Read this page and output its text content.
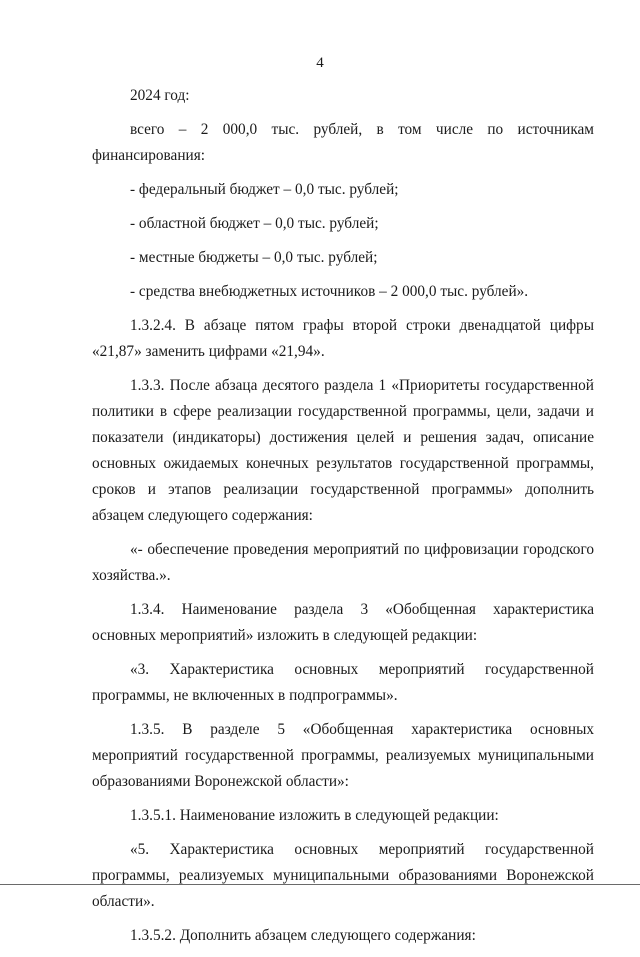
4

2024 год:

всего – 2 000,0 тыс. рублей, в том числе по источникам финансирования:

- федеральный бюджет – 0,0 тыс. рублей;

- областной бюджет – 0,0 тыс. рублей;

- местные бюджеты – 0,0 тыс. рублей;

- средства внебюджетных источников – 2 000,0 тыс. рублей».

1.3.2.4. В абзаце пятом графы второй строки двенадцатой цифры «21,87» заменить цифрами «21,94».

1.3.3. После абзаца десятого раздела 1 «Приоритеты государственной политики в сфере реализации государственной программы, цели, задачи и показатели (индикаторы) достижения целей и решения задач, описание основных ожидаемых конечных результатов государственной программы, сроков и этапов реализации государственной программы» дополнить абзацем следующего содержания:

«- обеспечение проведения мероприятий по цифровизации городского хозяйства.».

1.3.4. Наименование раздела 3 «Обобщенная характеристика основных мероприятий» изложить в следующей редакции:

«3. Характеристика основных мероприятий государственной программы, не включенных в подпрограммы».

1.3.5. В разделе 5 «Обобщенная характеристика основных мероприятий государственной программы, реализуемых муниципальными образованиями Воронежской области»:

1.3.5.1. Наименование изложить в следующей редакции:

«5. Характеристика основных мероприятий государственной программы, реализуемых муниципальными образованиями Воронежской области».

1.3.5.2. Дополнить абзацем следующего содержания:
